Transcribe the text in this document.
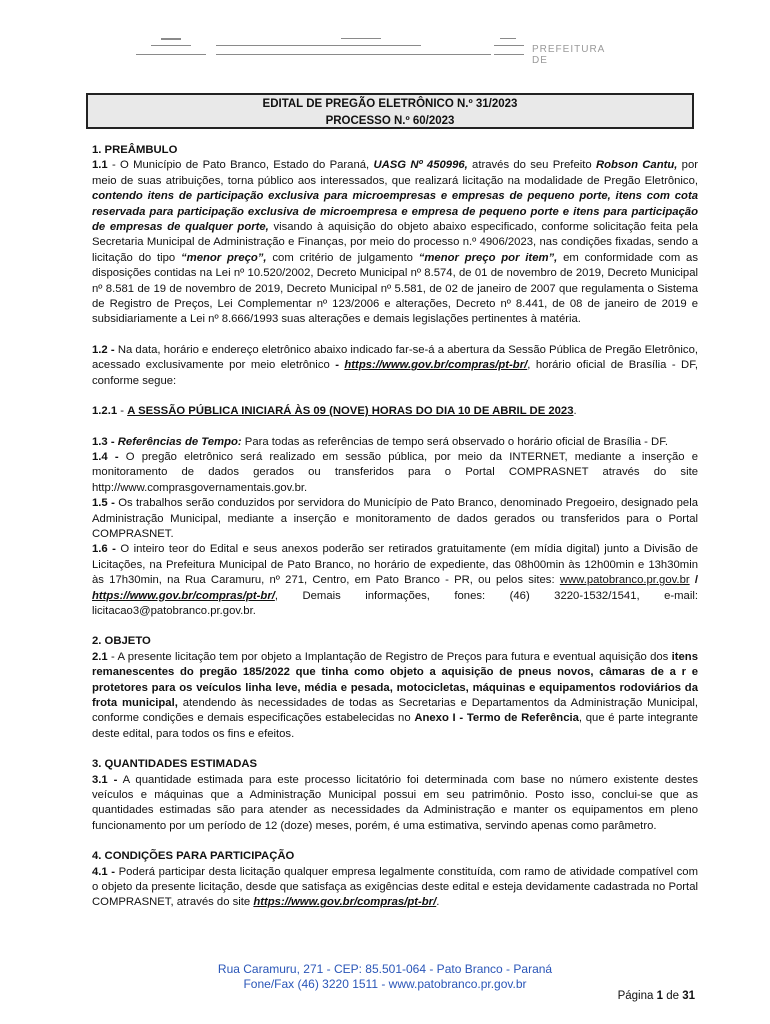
PREFEITURA DE
EDITAL DE PREGÃO ELETRÔNICO N.º 31/2023
PROCESSO N.º 60/2023

1. PREÂMBULO

1.1 - O Município de Pato Branco, Estado do Paraná, UASG Nº 450996, através do seu Prefeito Robson Cantu, por meio de suas atribuições, torna público aos interessados, que realizará licitação na modalidade de Pregão Eletrônico, contendo itens de participação exclusiva para microempresas e empresas de pequeno porte, itens com cota reservada para participação exclusiva de microempresa e empresa de pequeno porte e itens para participação de empresas de qualquer porte, visando à aquisição do objeto abaixo especificado, conforme solicitação feita pela Secretaria Municipal de Administração e Finanças, por meio do processo n.º 4906/2023, nas condições fixadas, sendo a licitação do tipo “menor preço”, com critério de julgamento “menor preço por item”, em conformidade com as disposições contidas na Lei nº 10.520/2002, Decreto Municipal nº 8.574, de 01 de novembro de 2019, Decreto Municipal nº 8.581 de 19 de novembro de 2019, Decreto Municipal nº 5.581, de 02 de janeiro de 2007 que regulamenta o Sistema de Registro de Preços, Lei Complementar nº 123/2006 e alterações, Decreto nº 8.441, de 08 de janeiro de 2019 e subsidiariamente a Lei nº 8.666/1993 suas alterações e demais legislações pertinentes à matéria.

1.2 - Na data, horário e endereço eletrônico abaixo indicado far-se-á a abertura da Sessão Pública de Pregão Eletrônico, acessado exclusivamente por meio eletrônico - https://www.gov.br/compras/pt-br/, horário oficial de Brasília - DF, conforme segue:

1.2.1 - A SESSÃO PÚBLICA INICIARÁ ÀS 09 (NOVE) HORAS DO DIA 10 DE ABRIL DE 2023.

1.3 - Referências de Tempo: Para todas as referências de tempo será observado o horário oficial de Brasília - DF.

1.4 - O pregão eletrônico será realizado em sessão pública, por meio da INTERNET, mediante a inserção e monitoramento de dados gerados ou transferidos para o Portal COMPRASNET através do site http://www.comprasgovernamentais.gov.br.

1.5 - Os trabalhos serão conduzidos por servidora do Município de Pato Branco, denominado Pregoeiro, designado pela Administração Municipal, mediante a inserção e monitoramento de dados gerados ou transferidos para o Portal COMPRASNET.

1.6 - O inteiro teor do Edital e seus anexos poderão ser retirados gratuitamente (em mídia digital) junto a Divisão de Licitações, na Prefeitura Municipal de Pato Branco, no horário de expediente, das 08h00min às 12h00min e 13h30min às 17h30min, na Rua Caramuru, nº 271, Centro, em Pato Branco - PR, ou pelos sites: www.patobranco.pr.gov.br / https://www.gov.br/compras/pt-br/, Demais informações, fones: (46) 3220-1532/1541, e-mail: licitacao3@patobranco.pr.gov.br.

2. OBJETO

2.1 - A presente licitação tem por objeto a Implantação de Registro de Preços para futura e eventual aquisição dos itens remanescentes do pregão 185/2022 que tinha como objeto a aquisição de pneus novos, câmaras de a r e protetores para os veículos linha leve, média e pesada, motocicletas, máquinas e equipamentos rodoviários da frota municipal, atendendo às necessidades de todas as Secretarias e Departamentos da Administração Municipal, conforme condições e demais especificações estabelecidas no Anexo I - Termo de Referência, que é parte integrante deste edital, para todos os fins e efeitos.

3. QUANTIDADES ESTIMADAS

3.1 - A quantidade estimada para este processo licitatório foi determinada com base no número existente destes veículos e máquinas que a Administração Municipal possui em seu patrimônio. Posto isso, conclui-se que as quantidades estimadas são para atender as necessidades da Administração e manter os equipamentos em pleno funcionamento por um período de 12 (doze) meses, porém, é uma estimativa, servindo apenas como parâmetro.

4. CONDIÇÕES PARA PARTICIPAÇÃO

4.1 - Poderá participar desta licitação qualquer empresa legalmente constituída, com ramo de atividade compatível com o objeto da presente licitação, desde que satisfaça as exigências deste edital e esteja devidamente cadastrada no Portal COMPRASNET, através do site https://www.gov.br/compras/pt-br/.

Rua Caramuru, 271 - CEP: 85.501-064 - Pato Branco - Paraná
Fone/Fax (46) 3220 1511 - www.patobranco.pr.gov.br
Página 1 de 31
